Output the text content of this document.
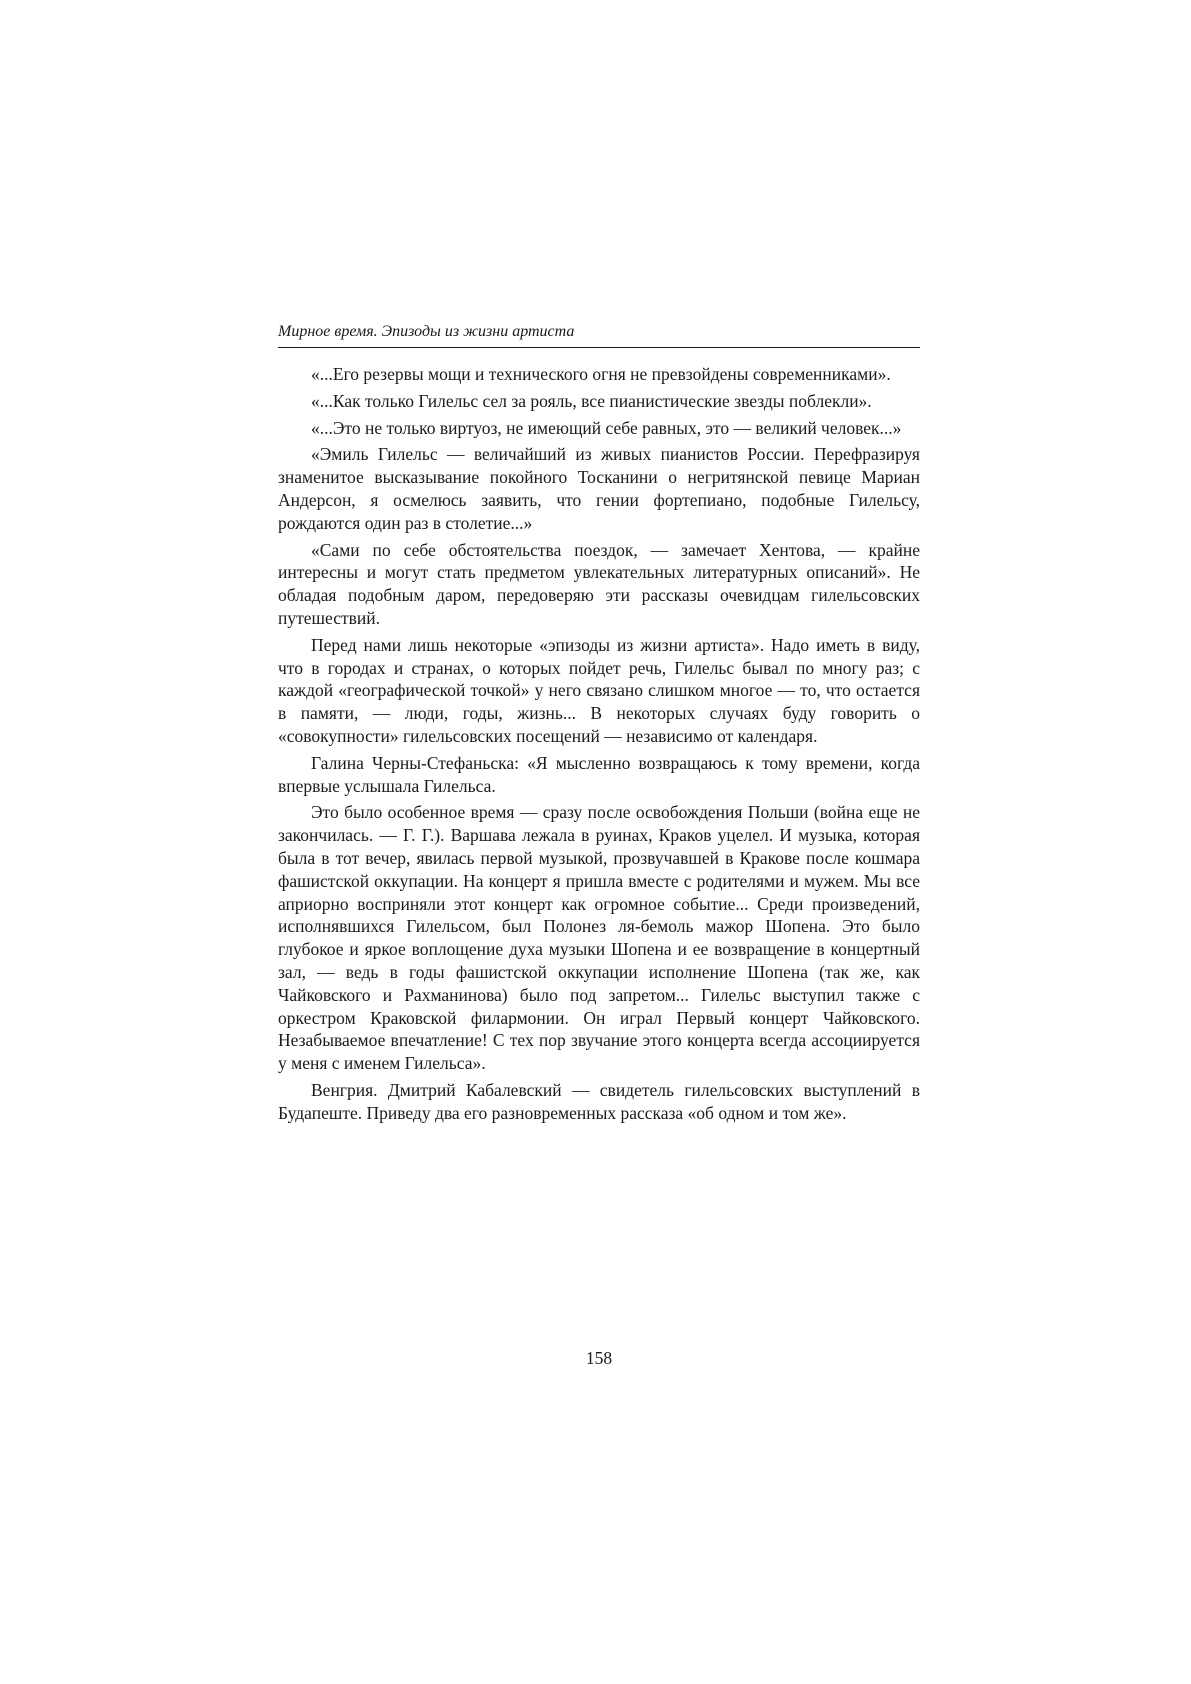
Мирное время. Эпизоды из жизни артиста

«...Его резервы мощи и технического огня не превзойдены современниками».

«...Как только Гилельс сел за рояль, все пианистические звезды поблекли».

«...Это не только виртуоз, не имеющий себе равных, это — великий человек...»

«Эмиль Гилельс — величайший из живых пианистов России. Перефразируя знаменитое высказывание покойного Тосканини о негритянской певице Мариан Андерсон, я осмелюсь заявить, что гении фортепиано, подобные Гилельсу, рождаются один раз в столетие...»

«Сами по себе обстоятельства поездок, — замечает Хентова, — крайне интересны и могут стать предметом увлекательных литературных описаний». Не обладая подобным даром, передоверяю эти рассказы очевидцам гилельсовских путешествий.

Перед нами лишь некоторые «эпизоды из жизни артиста». Надо иметь в виду, что в городах и странах, о которых пойдет речь, Гилельс бывал по многу раз; с каждой «географической точкой» у него связано слишком многое — то, что остается в памяти, — люди, годы, жизнь... В некоторых случаях буду говорить о «совокупности» гилельсовских посещений — независимо от календаря.

Галина Черны-Стефаньска: «Я мысленно возвращаюсь к тому времени, когда впервые услышала Гилельса.

Это было особенное время — сразу после освобождения Польши (война еще не закончилась. — Г. Г.). Варшава лежала в руинах, Краков уцелел. И музыка, которая была в тот вечер, явилась первой музыкой, прозвучавшей в Кракове после кошмара фашистской оккупации. На концерт я пришла вместе с родителями и мужем. Мы все априорно восприняли этот концерт как огромное событие... Среди произведений, исполнявшихся Гилельсом, был Полонез ля-бемоль мажор Шопена. Это было глубокое и яркое воплощение духа музыки Шопена и ее возвращение в концертный зал, — ведь в годы фашистской оккупации исполнение Шопена (так же, как Чайковского и Рахманинова) было под запретом... Гилельс выступил также с оркестром Краковской филармонии. Он играл Первый концерт Чайковского. Незабываемое впечатление! С тех пор звучание этого концерта всегда ассоциируется у меня с именем Гилельса».

Венгрия. Дмитрий Кабалевский — свидетель гилельсовских выступлений в Будапеште. Приведу два его разновременных рассказа «об одном и том же».

158
